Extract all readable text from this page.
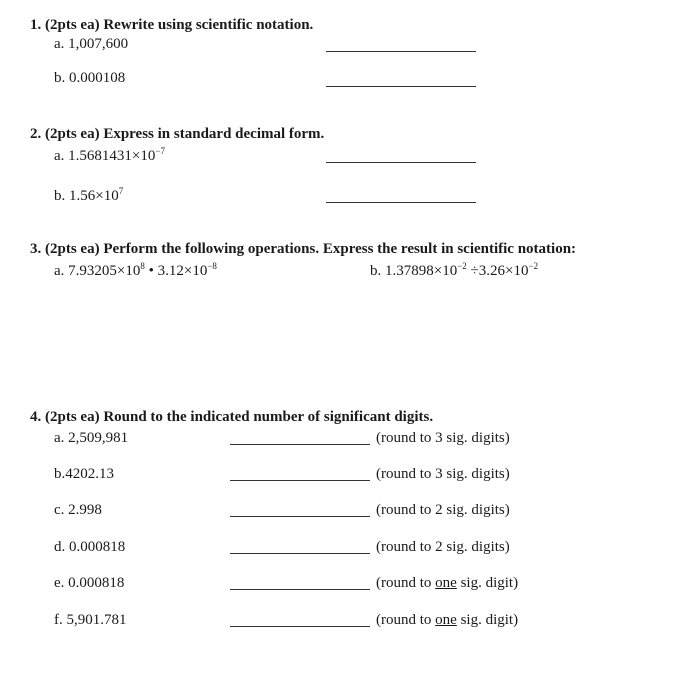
1. (2pts ea) Rewrite using scientific notation.
a. 1,007,600
b. 0.000108
2. (2pts ea) Express in standard decimal form.
a. $1.5681431\times 10^{-7}$
b. $1.56\times 10^7$
3. (2pts ea) Perform the following operations. Express the result in scientific notation:
a. $7.93205\times 10^8$ • $3.12\times 10^{-8}$	b. $1.37898\times 10^{-2} \div 3.26\times 10^{-2}$
4. (2pts ea) Round to the indicated number of significant digits.
a. 2,509,981	(round to 3 sig. digits)
b.4202.13	(round to 3 sig. digits)
c. 2.998	(round to 2 sig. digits)
d. 0.000818	(round to 2 sig. digits)
e. 0.000818	(round to one sig. digit)
f. 5,901.781	(round to one sig. digit)
